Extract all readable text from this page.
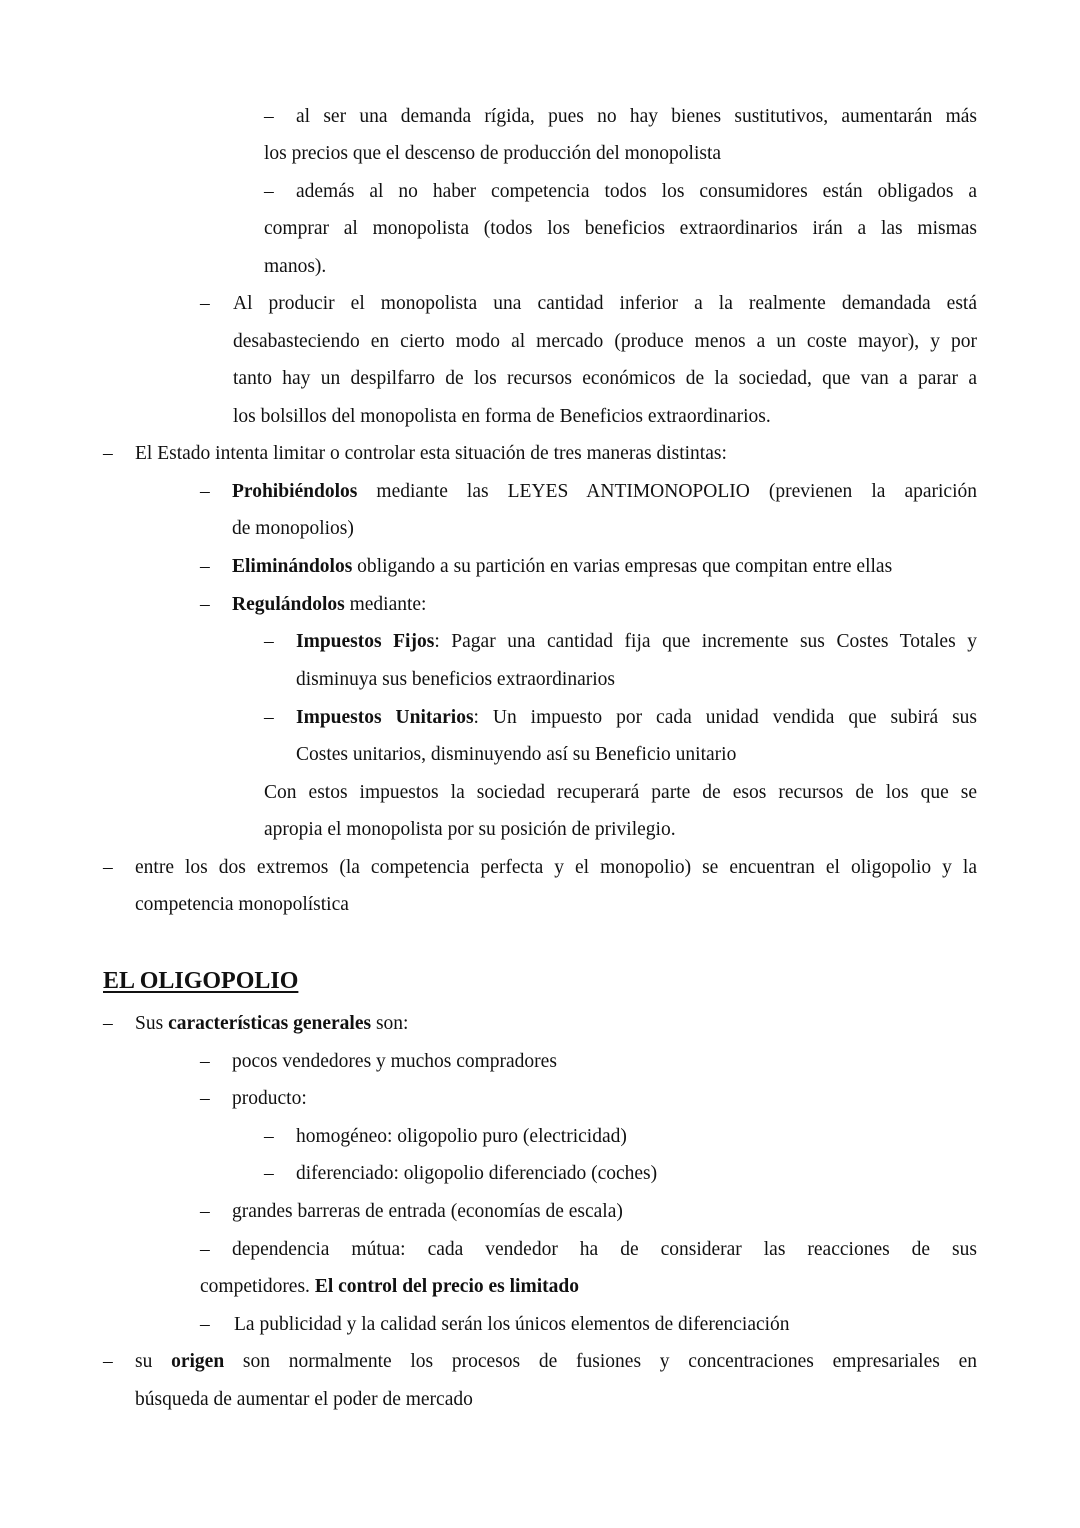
– al ser una demanda rígida, pues no hay bienes sustitutivos, aumentarán más
los precios que el descenso de producción del monopolista
– además al no haber competencia todos los consumidores están obligados a
comprar al monopolista (todos los beneficios extraordinarios irán a las mismas
manos).
– Al producir el monopolista una cantidad inferior a la realmente demandada está
desabasteciendo en cierto modo al mercado (produce menos a un coste mayor), y por
tanto hay un despilfarro de los recursos económicos de la sociedad, que van a parar a
los bolsillos del monopolista en forma de Beneficios extraordinarios.
– El Estado intenta limitar o controlar esta situación de tres maneras distintas:
– Prohibiéndolos mediante las LEYES ANTIMONOPOLIO (previenen la aparición
de monopolios)
– Eliminándolos obligando a su partición en varias empresas que compitan entre ellas
– Regulándolos mediante:
– Impuestos Fijos: Pagar una cantidad fija que incremente sus Costes Totales y
disminuya sus beneficios extraordinarios
– Impuestos Unitarios: Un impuesto por cada unidad vendida que subirá sus
Costes unitarios, disminuyendo así su Beneficio unitario
Con estos impuestos la sociedad recuperará parte de esos recursos de los que se
apropia el monopolista por su posición de privilegio.
– entre los dos extremos (la competencia perfecta y el monopolio) se encuentran el oligopolio y la
competencia monopolística
EL OLIGOPOLIO
– Sus características generales son:
– pocos vendedores y muchos compradores
– producto:
– homogéneo: oligopolio puro (electricidad)
– diferenciado: oligopolio diferenciado (coches)
– grandes barreras de entrada (economías de escala)
– dependencia mútua: cada vendedor ha de considerar las reacciones de sus
competidores. El control del precio es limitado
– La publicidad y la calidad serán los únicos elementos de diferenciación
– su origen son normalmente los procesos de fusiones y concentraciones empresariales en
búsqueda de aumentar el poder de mercado
